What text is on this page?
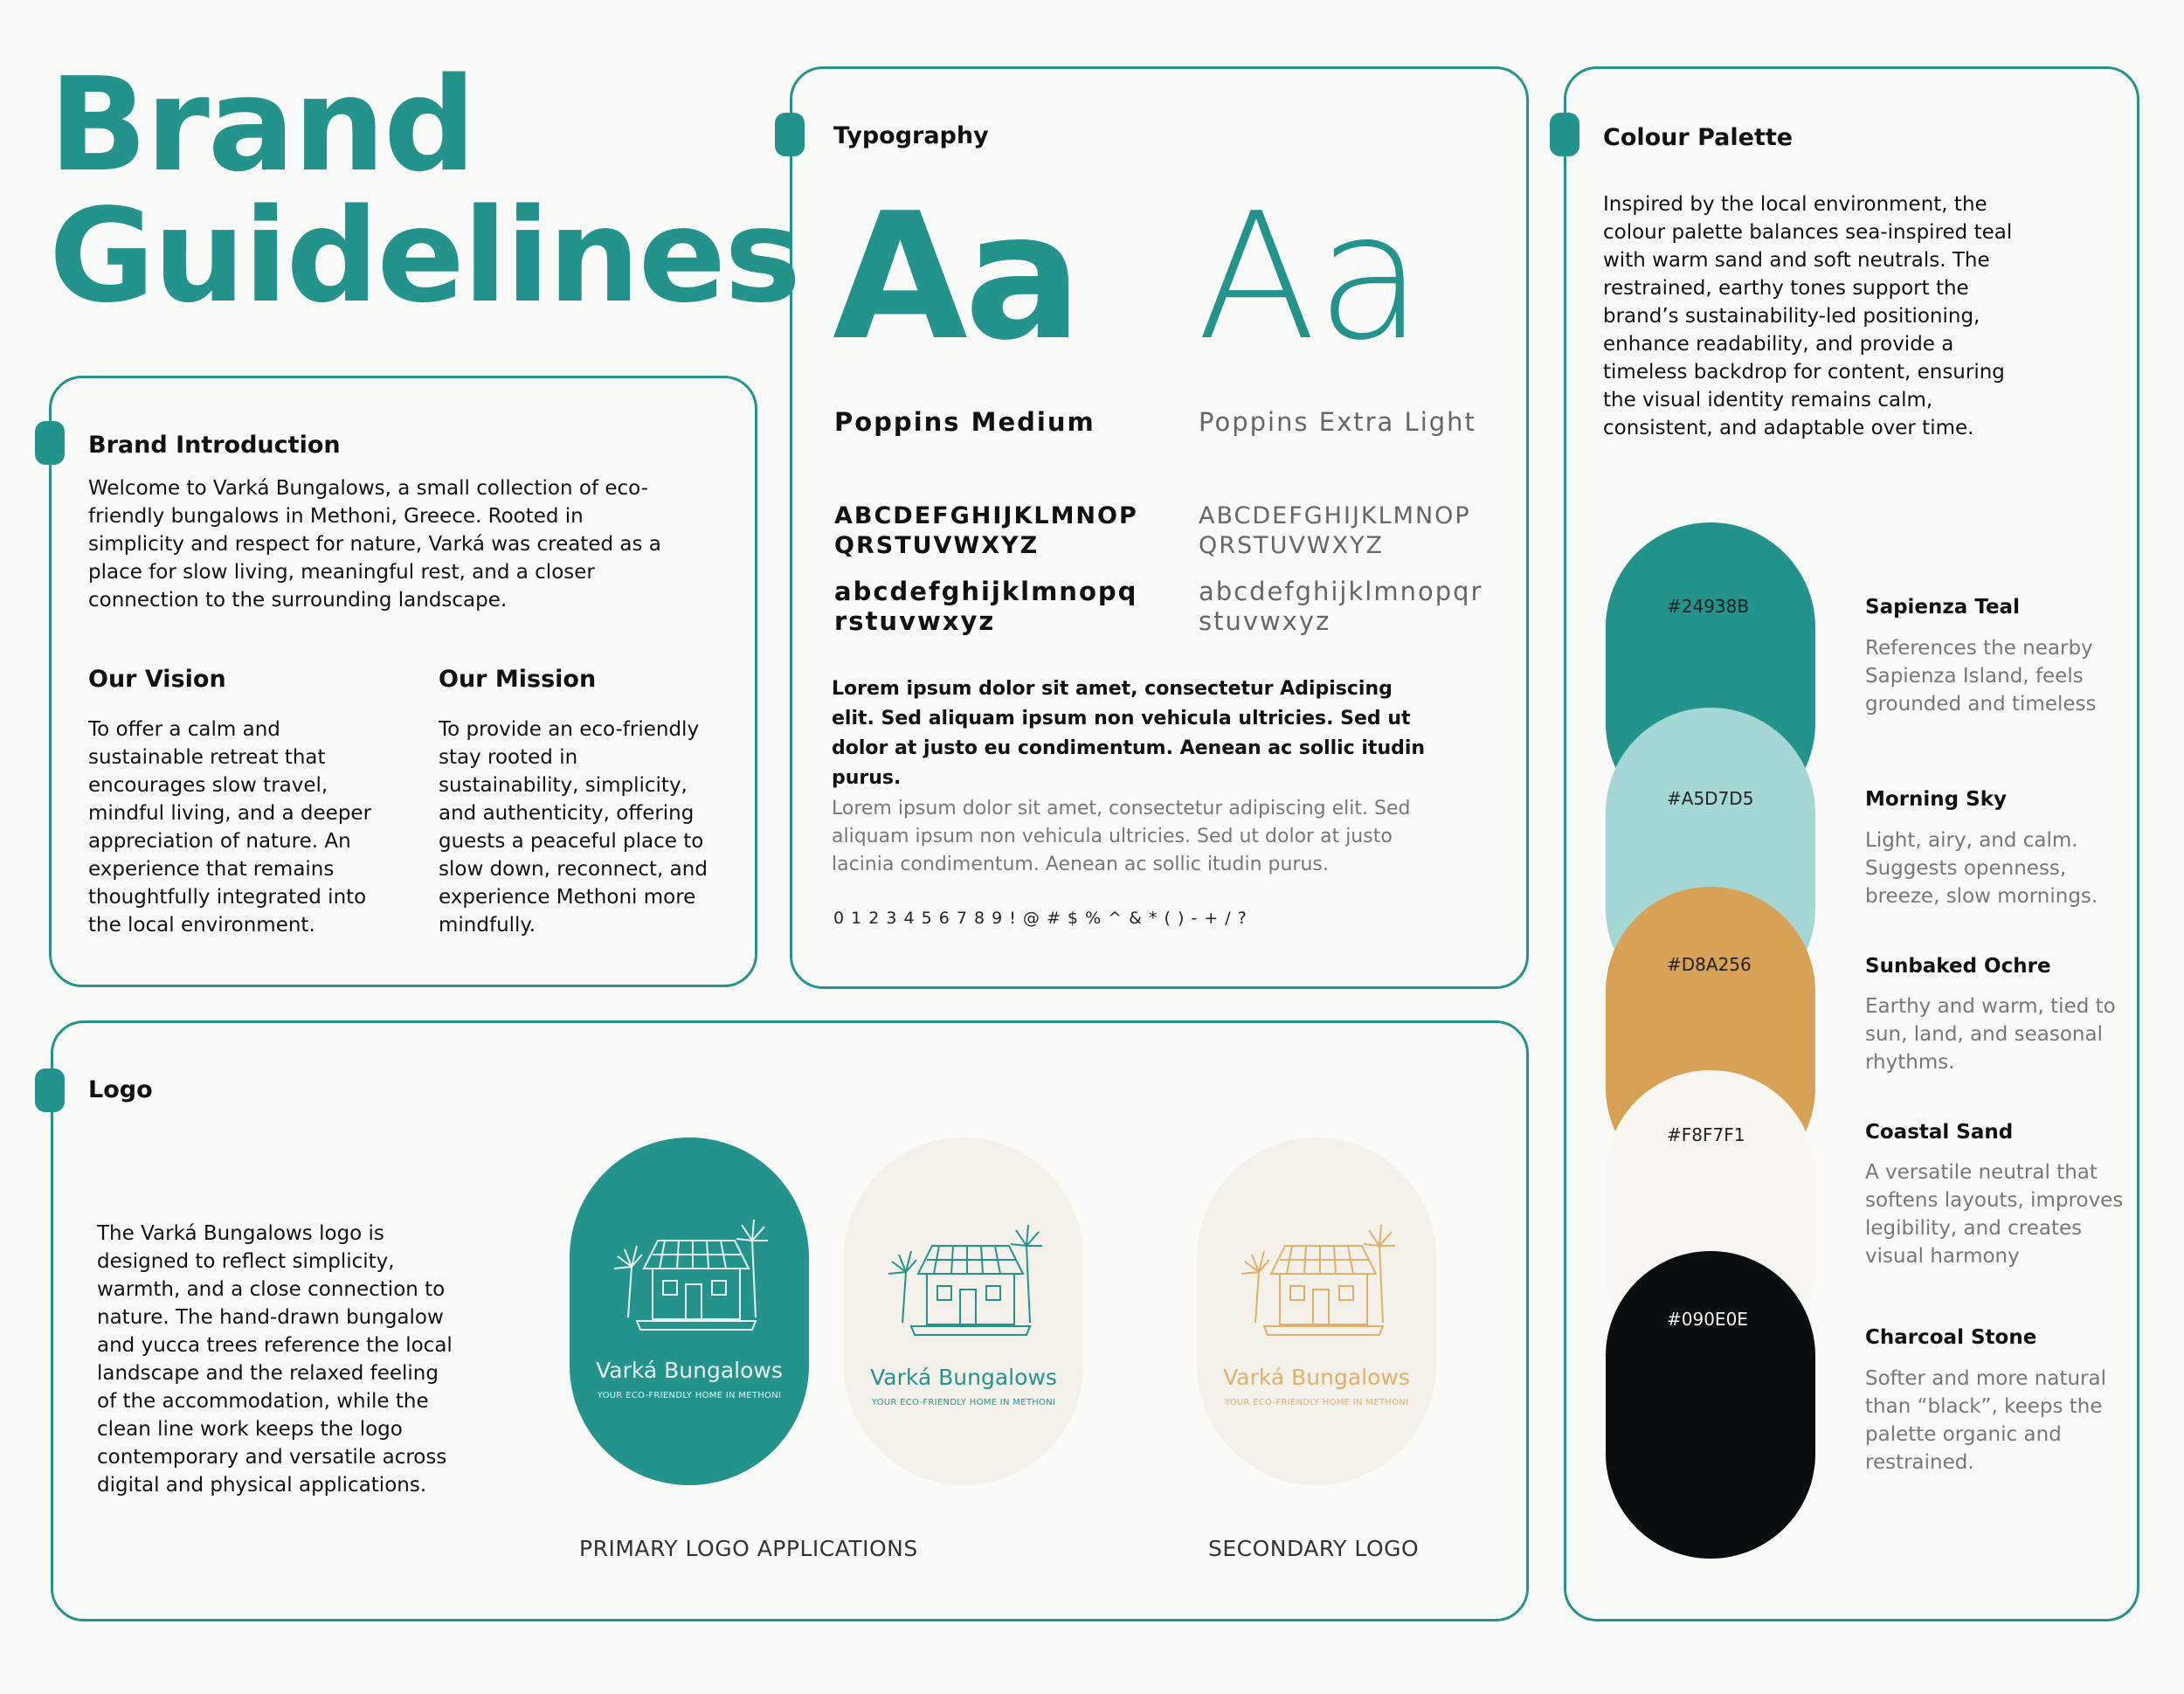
Brand
Guidelines
Brand Introduction
Welcome to Varká Bungalows, a small collection of eco-friendly bungalows in Methoni, Greece. Rooted in simplicity and respect for nature, Varká was created as a place for slow living, meaningful rest, and a closer connection to the surrounding landscape.
Our Vision
To offer a calm and sustainable retreat that encourages slow travel, mindful living, and a deeper appreciation of nature. An experience that remains thoughtfully integrated into the local environment.
Our Mission
To provide an eco-friendly stay rooted in sustainability, simplicity, and authenticity, offering guests a peaceful place to slow down, reconnect, and experience Methoni more mindfully.
Typography
Aa Aa
Poppins Medium	Poppins Extra Light
ABCDEFGHIJKLMNOP
QRSTUVWXYZ
ABCDEFGHIJKLMNOP
QRSTUVWXYZ
abcdefghijklmnopq
rstuvwxyz
abcdefghijklmnopqr
stuvwxyz
Lorem ipsum dolor sit amet, consectetur Adipiscing elit. Sed aliquam ipsum non vehicula ultricies. Sed ut dolor at justo eu condimentum. Aenean ac sollic itudin purus.
Lorem ipsum dolor sit amet, consectetur adipiscing elit. Sed aliquam ipsum non vehicula ultricies. Sed ut dolor at justo lacinia condimentum. Aenean ac sollic itudin purus.
0 1 2 3 4 5 6 7 8 9 ! @ # $ % ^ & * ( ) - + / ?
Colour Palette
Inspired by the local environment, the colour palette balances sea-inspired teal with warm sand and soft neutrals. The restrained, earthy tones support the brand’s sustainability-led positioning, enhance readability, and provide a timeless backdrop for content, ensuring the visual identity remains calm, consistent, and adaptable over time.
#24938B
#A5D7D5
#D8A256
#F8F7F1
#090E0E
Sapienza Teal
References the nearby Sapienza Island, feels grounded and timeless
Morning Sky
Light, airy, and calm. Suggests openness, breeze, slow mornings.
Sunbaked Ochre
Earthy and warm, tied to sun, land, and seasonal rhythms.
Coastal Sand
A versatile neutral that softens layouts, improves legibility, and creates visual harmony
Charcoal Stone
Softer and more natural than “black”, keeps the palette organic and restrained.
Logo
The Varká Bungalows logo is designed to reflect simplicity, warmth, and a close connection to nature. The hand-drawn bungalow and yucca trees reference the local landscape and the relaxed feeling of the accommodation, while the clean line work keeps the logo contemporary and versatile across digital and physical applications.
Varká Bungalows
YOUR ECO-FRIENDLY HOME IN METHONI
Varká Bungalows
YOUR ECO-FRIENDLY HOME IN METHONI
Varká Bungalows
YOUR ECO-FRIENDLY HOME IN METHONI
PRIMARY LOGO APPLICATIONS	SECONDARY LOGO
